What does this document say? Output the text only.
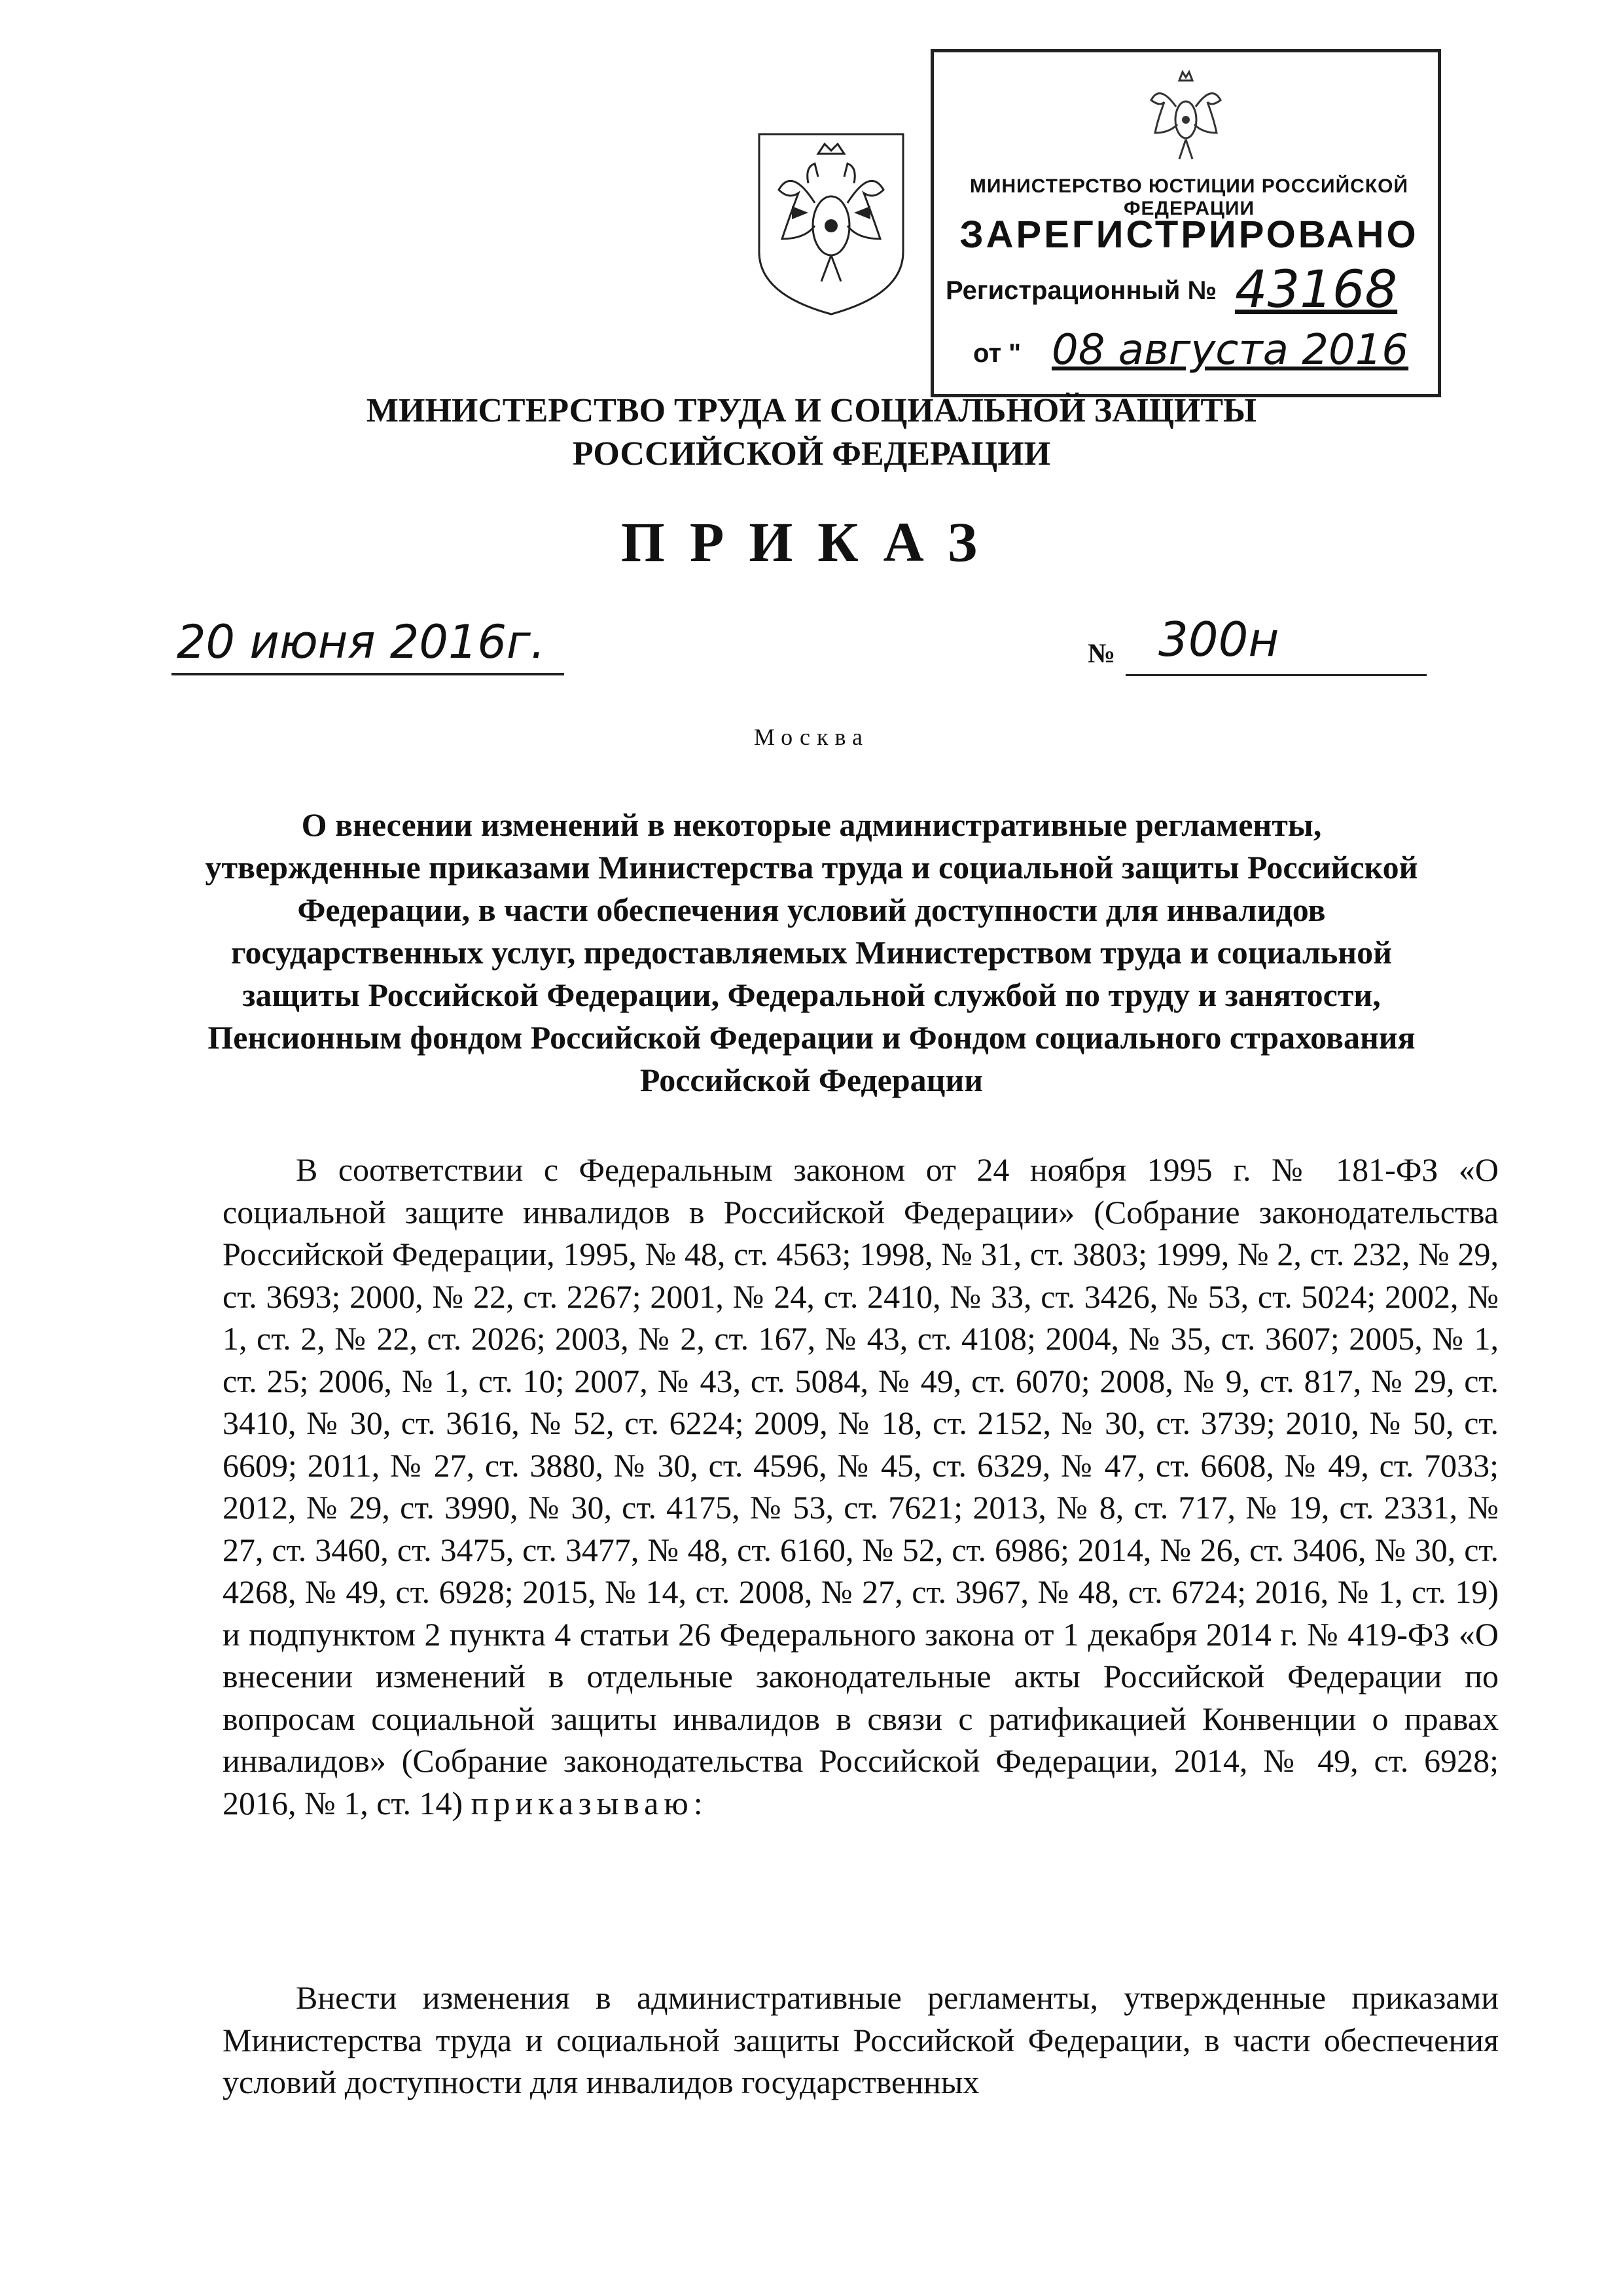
МИНИСТЕРСТВО ЮСТИЦИИ РОССИЙСКОЙ ФЕДЕРАЦИИ
ЗАРЕГИСТРИРОВАНО
Регистрационный № 43168
от " 08 августа 2016
МИНИСТЕРСТВО ТРУДА И СОЦИАЛЬНОЙ ЗАЩИТЫ
РОССИЙСКОЙ ФЕДЕРАЦИИ
ПРИКАЗ
20 июня 2016г.	№ 300н
Москва
О внесении изменений в некоторые административные регламенты, утвержденные приказами Министерства труда и социальной защиты Российской Федерации, в части обеспечения условий доступности для инвалидов государственных услуг, предоставляемых Министерством труда и социальной защиты Российской Федерации, Федеральной службой по труду и занятости, Пенсионным фондом Российской Федерации и Фондом социального страхования Российской Федерации
В соответствии с Федеральным законом от 24 ноября 1995 г. № 181-ФЗ «О социальной защите инвалидов в Российской Федерации» (Собрание законодательства Российской Федерации, 1995, № 48, ст. 4563; 1998, № 31, ст. 3803; 1999, № 2, ст. 232, № 29, ст. 3693; 2000, № 22, ст. 2267; 2001, № 24, ст. 2410, № 33, ст. 3426, № 53, ст. 5024; 2002, № 1, ст. 2, № 22, ст. 2026; 2003, № 2, ст. 167, № 43, ст. 4108; 2004, № 35, ст. 3607; 2005, № 1, ст. 25; 2006, № 1, ст. 10; 2007, № 43, ст. 5084, № 49, ст. 6070; 2008, № 9, ст. 817, № 29, ст. 3410, № 30, ст. 3616, № 52, ст. 6224; 2009, № 18, ст. 2152, № 30, ст. 3739; 2010, № 50, ст. 6609; 2011, № 27, ст. 3880, № 30, ст. 4596, № 45, ст. 6329, № 47, ст. 6608, № 49, ст. 7033; 2012, № 29, ст. 3990, № 30, ст. 4175, № 53, ст. 7621; 2013, № 8, ст. 717, № 19, ст. 2331, № 27, ст. 3460, ст. 3475, ст. 3477, № 48, ст. 6160, № 52, ст. 6986; 2014, № 26, ст. 3406, № 30, ст. 4268, № 49, ст. 6928; 2015, № 14, ст. 2008, № 27, ст. 3967, № 48, ст. 6724; 2016, № 1, ст. 19) и подпунктом 2 пункта 4 статьи 26 Федерального закона от 1 декабря 2014 г. № 419-ФЗ «О внесении изменений в отдельные законодательные акты Российской Федерации по вопросам социальной защиты инвалидов в связи с ратификацией Конвенции о правах инвалидов» (Собрание законодательства Российской Федерации, 2014, № 49, ст. 6928; 2016, № 1, ст. 14) приказываю:
Внести изменения в административные регламенты, утвержденные приказами Министерства труда и социальной защиты Российской Федерации, в части обеспечения условий доступности для инвалидов государственных
